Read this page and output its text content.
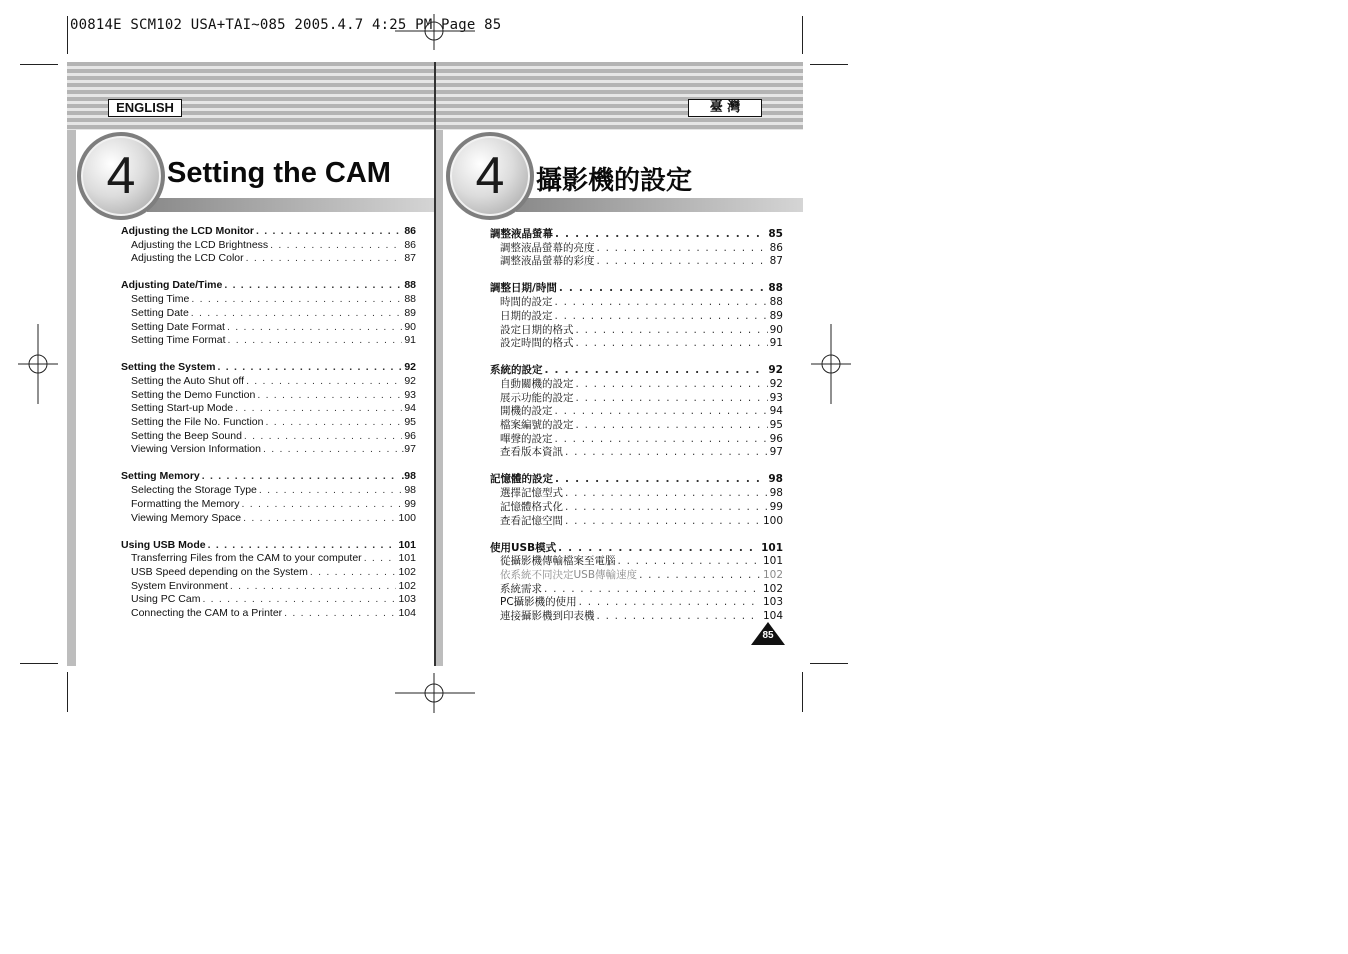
00814E SCM102 USA+TAI~085 2005.4.7 4:25 PM Page 85
ENGLISH
4	Setting the CAM
Adjusting the LCD Monitor . . .	86
Adjusting the LCD Brightness . . .	86
Adjusting the LCD Color . . .	87
Adjusting Date/Time . . .	88
Setting Time . . .	88
Setting Date . . .	89
Setting Date Format . . .	90
Setting Time Format . . .	91
Setting the System . . .	92
Setting the Auto Shut off . . .	92
Setting the Demo Function . . .	93
Setting Start-up Mode . . .	94
Setting the File No. Function . . .	95
Setting the Beep Sound . . .	96
Viewing Version Information . . .	.97
Setting Memory . . .	.98
Selecting the Storage Type . . .	98
Formatting the Memory . . .	99
Viewing Memory Space . . .	100
Using USB Mode . . .	101
Transferring Files from the CAM to your computer . . .	101
USB Speed depending on the System . . .	102
System Environment . . .	102
Using PC Cam . . .	103
Connecting the CAM to a Printer . . .	104
臺 灣
4	攝影機的設定
調整液晶螢幕 . . .	85
調整液晶螢幕的亮度 . . .	86
調整液晶螢幕的彩度 . . .	87
調整日期/時間 . . .	88
時間的設定 . . .	88
日期的設定 . . .	89
設定日期的格式 . . .	90
設定時間的格式 . . .	91
系統的設定 . . .	92
自動關機的設定 . . .	92
展示功能的設定 . . .	93
開機的設定 . . .	94
檔案編號的設定 . . .	95
嗶聲的設定 . . .	96
查看版本資訊 . . .	97
記憶體的設定 . . .	98
選擇記憶型式 . . .	98
記憶體格式化 . . .	99
查看記憶空間 . . .	100
使用USB模式 . . .	101
從攝影機傳輸檔案至電腦 . . .	101
依系統不同決定USB傳輸速度 . . .	102
系統需求 . . .	102
PC攝影機的使用 . . .	103
連接攝影機到印表機 . . .	104
85
